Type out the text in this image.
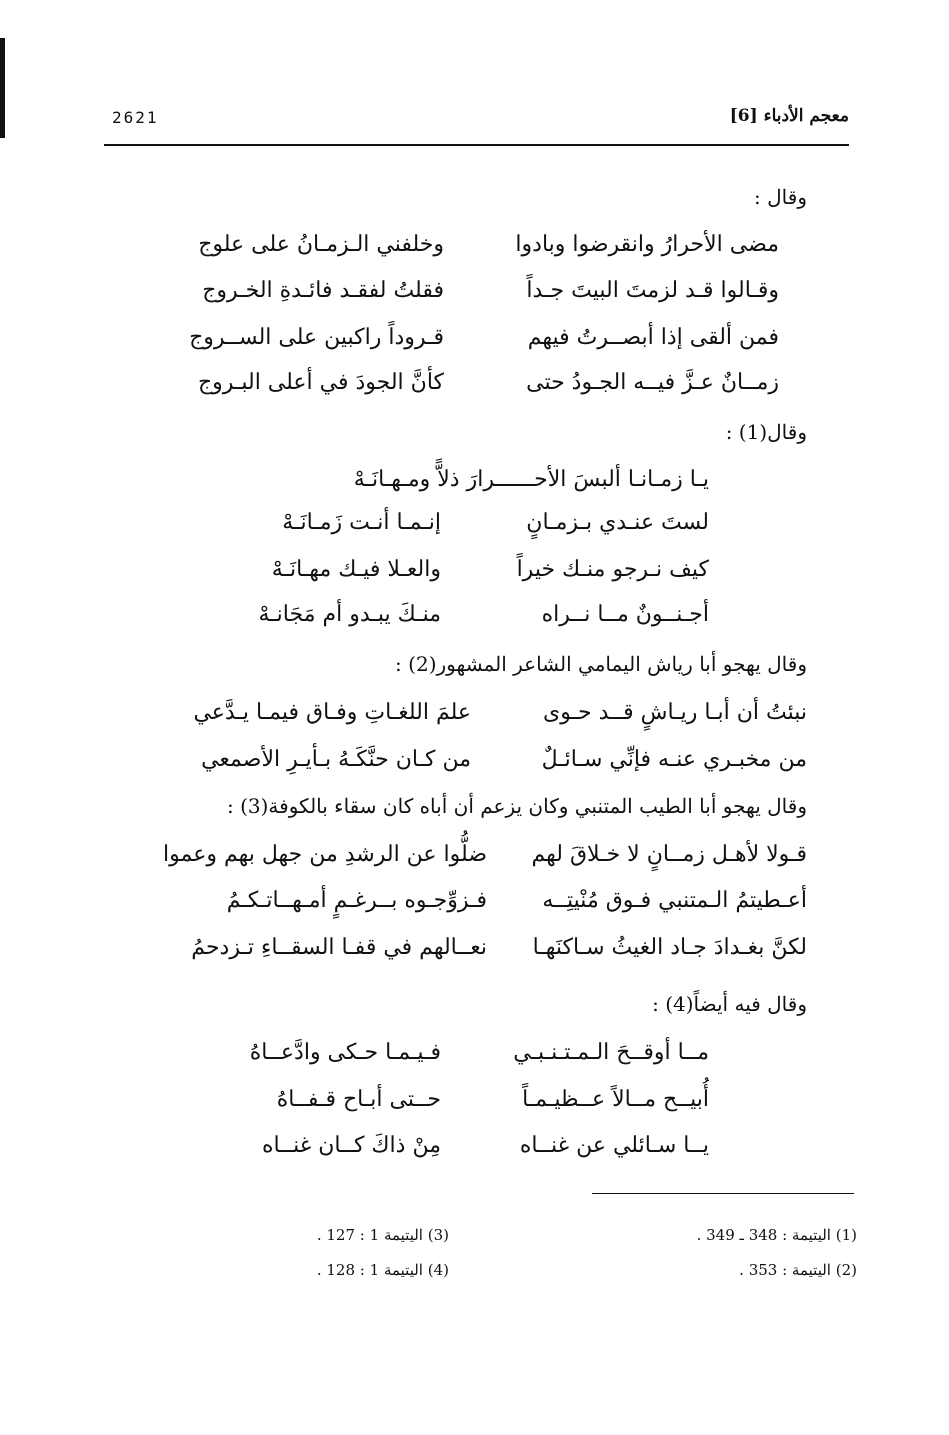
معجم الأدباء [6]
2621
وقال :
مضى الأحرارُ وانقرضوا وبادوا
وخلفني الـزمـانُ على علوج
وقـالوا قـد لزمتَ البيتَ جـداً
فقلتُ لفقـد فائـدةِ الخـروج
فمن ألقى إذا أبصــرتُ فيهم
قـروداً راكبين على الســروج
زمــانٌ عـزَّ فيــه الجـودُ حتى
كأنَّ الجودَ في أعلى البـروج
وقال(1) :
يـا زمـانـا ألبسَ الأحــــــرارَ ذلاًّ ومـهـانَـهْ
لستَ عنـدي بـزمـانٍ
إنـمـا أنـت زَمـانَـهْ
كيف نـرجو منـك خيراً
والعـلا فيـك مهـانَـهْ
أجـنــونٌ مــا نــراه
منـكَ يبـدو أم مَجَانـهْ
وقال يهجو أبا رياش اليمامي الشاعر المشهور(2) :
نبئتُ أن أبـا ريـاشٍ قــد حـوى
علمَ اللغـاتِ وفـاق فيمـا يـدَّعي
من مخبـري عنـه فإنِّي سـائـلٌ
من كـان حنَّكَـهُ بـأيـرِ الأصمعي
وقال يهجو أبا الطيب المتنبي وكان يزعم أن أباه كان سقاء بالكوفة(3) :
قـولا لأهـل زمــانٍ لا خـلاقَ لهم
ضلُّوا عن الرشدِ من جهل بهم وعموا
أعـطيتمُ الـمتنبي فـوق مُنْيتِــه
فـزوِّجـوه بــرغـمٍ أمـهــاتـكـمُ
لكنَّ بغـدادَ جـاد الغيثُ سـاكنَهـا
نعــالهم في قفـا السقــاءِ تـزدحمُ
وقال فيه أيضاً(4) :
مــا أوقــحَ الـمـتـنـبـي
فـيـمـا حـكى وادَّعــاهُ
أُبيــح مــالاً عــظيـمـاً
حــتى أبـاح قـفــاهُ
يــا سـائلي عن غنــاه
مِنْ ذاكَ كــان غنــاه
(1) اليتيمة : 348 ـ 349 .
(2) اليتيمة : 353 .
(3) اليتيمة 1 : 127 .
(4) اليتيمة 1 : 128 .
